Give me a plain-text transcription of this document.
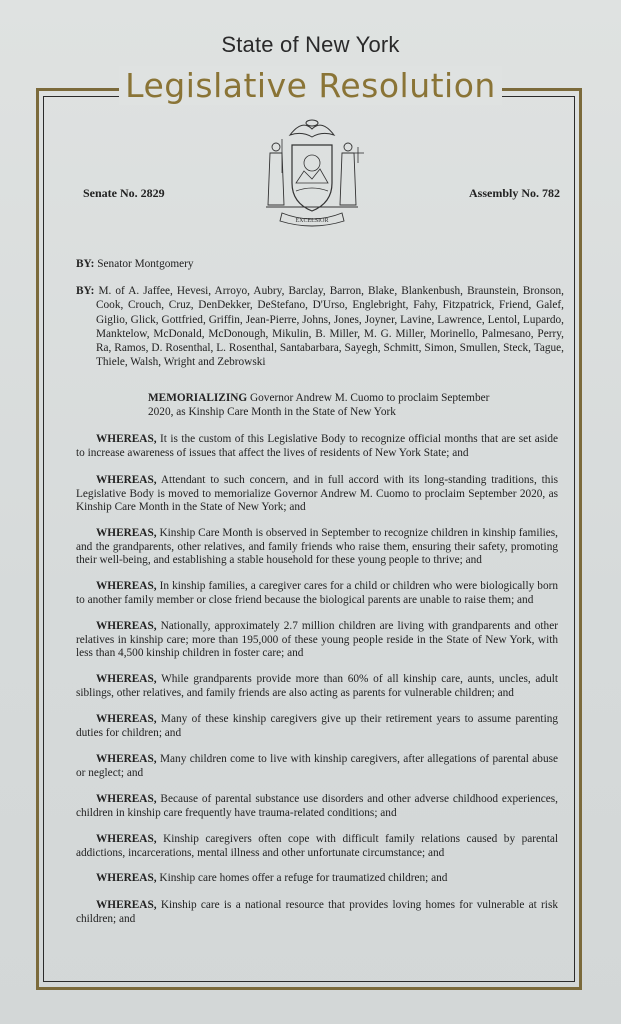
State of New York
Legislative Resolution
EXCELSIOR
Senate No. 2829	Assembly No. 782
BY: Senator Montgomery
BY: M. of A. Jaffee, Hevesi, Arroyo, Aubry, Barclay, Barron, Blake, Blankenbush, Braunstein, Bronson, Cook, Crouch, Cruz, DenDekker, DeStefano, D'Urso, Englebright, Fahy, Fitzpatrick, Friend, Galef, Giglio, Glick, Gottfried, Griffin, Jean-Pierre, Johns, Jones, Joyner, Lavine, Lawrence, Lentol, Lupardo, Manktelow, McDonald, McDonough, Mikulin, B. Miller, M. G. Miller, Morinello, Palmesano, Perry, Ra, Ramos, D. Rosenthal, L. Rosenthal, Santabarbara, Sayegh, Schmitt, Simon, Smullen, Steck, Tague, Thiele, Walsh, Wright and Zebrowski
MEMORIALIZING Governor Andrew M. Cuomo to proclaim September 2020, as Kinship Care Month in the State of New York
WHEREAS, It is the custom of this Legislative Body to recognize official months that are set aside to increase awareness of issues that affect the lives of residents of New York State; and
WHEREAS, Attendant to such concern, and in full accord with its long-standing traditions, this Legislative Body is moved to memorialize Governor Andrew M. Cuomo to proclaim September 2020, as Kinship Care Month in the State of New York; and
WHEREAS, Kinship Care Month is observed in September to recognize children in kinship families, and the grandparents, other relatives, and family friends who raise them, ensuring their safety, promoting their well-being, and establishing a stable household for these young people to thrive; and
WHEREAS, In kinship families, a caregiver cares for a child or children who were biologically born to another family member or close friend because the biological parents are unable to raise them; and
WHEREAS, Nationally, approximately 2.7 million children are living with grandparents and other relatives in kinship care; more than 195,000 of these young people reside in the State of New York, with less than 4,500 kinship children in foster care; and
WHEREAS, While grandparents provide more than 60% of all kinship care, aunts, uncles, adult siblings, other relatives, and family friends are also acting as parents for vulnerable children; and
WHEREAS, Many of these kinship caregivers give up their retirement years to assume parenting duties for children; and
WHEREAS, Many children come to live with kinship caregivers, after allegations of parental abuse or neglect; and
WHEREAS, Because of parental substance use disorders and other adverse childhood experiences, children in kinship care frequently have trauma-related conditions; and
WHEREAS, Kinship caregivers often cope with difficult family relations caused by parental addictions, incarcerations, mental illness and other unfortunate circumstance; and
WHEREAS, Kinship care homes offer a refuge for traumatized children; and
WHEREAS, Kinship care is a national resource that provides loving homes for vulnerable at risk children; and
